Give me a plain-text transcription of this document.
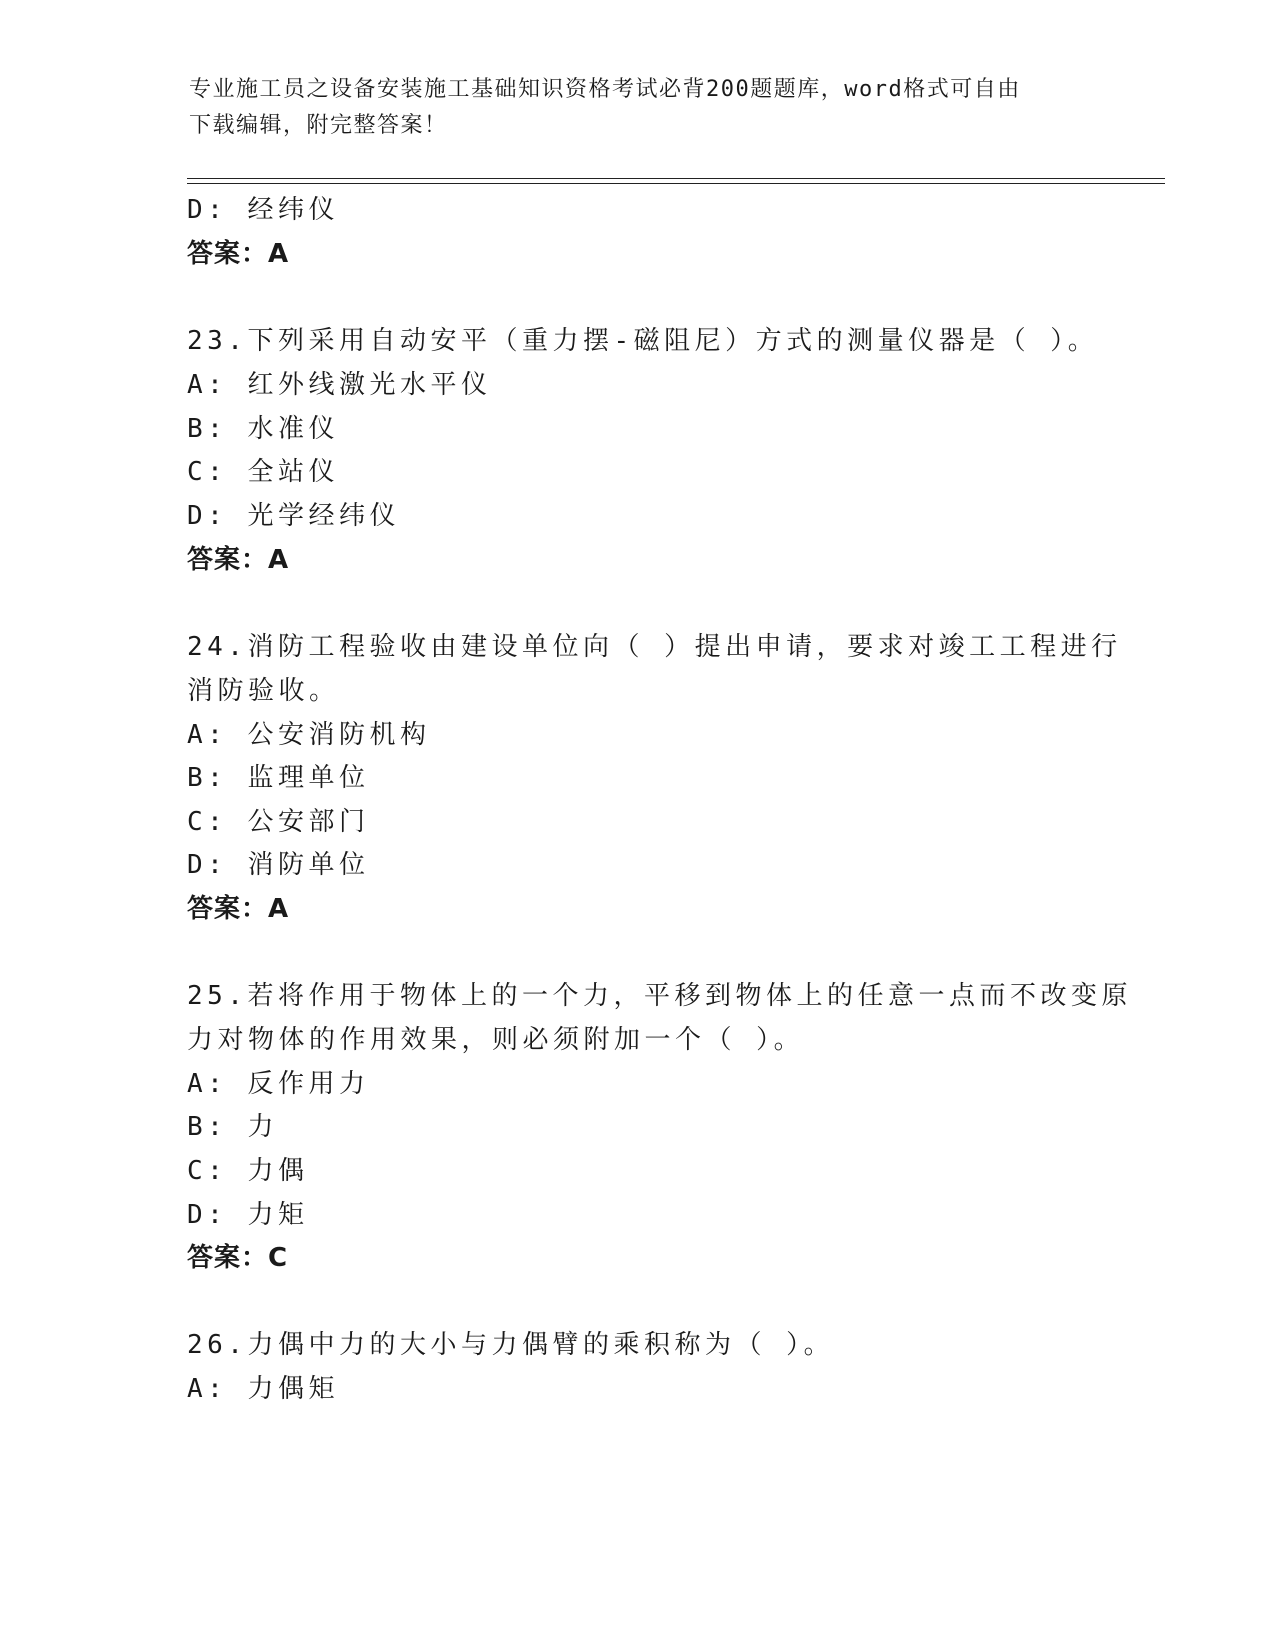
专业施工员之设备安装施工基础知识资格考试必背200题题库，word格式可自由
下载编辑，附完整答案！
D: 经纬仪
答案：A
23.下列采用自动安平（重力摆-磁阻尼）方式的测量仪器是（ ）。
A: 红外线激光水平仪
B: 水准仪
C: 全站仪
D: 光学经纬仪
答案：A
24.消防工程验收由建设单位向（ ）提出申请，要求对竣工工程进行
消防验收。
A: 公安消防机构
B: 监理单位
C: 公安部门
D: 消防单位
答案：A
25.若将作用于物体上的一个力，平移到物体上的任意一点而不改变原
力对物体的作用效果，则必须附加一个（ ）。
A: 反作用力
B: 力
C: 力偶
D: 力矩
答案：C
26.力偶中力的大小与力偶臂的乘积称为（ ）。
A: 力偶矩
